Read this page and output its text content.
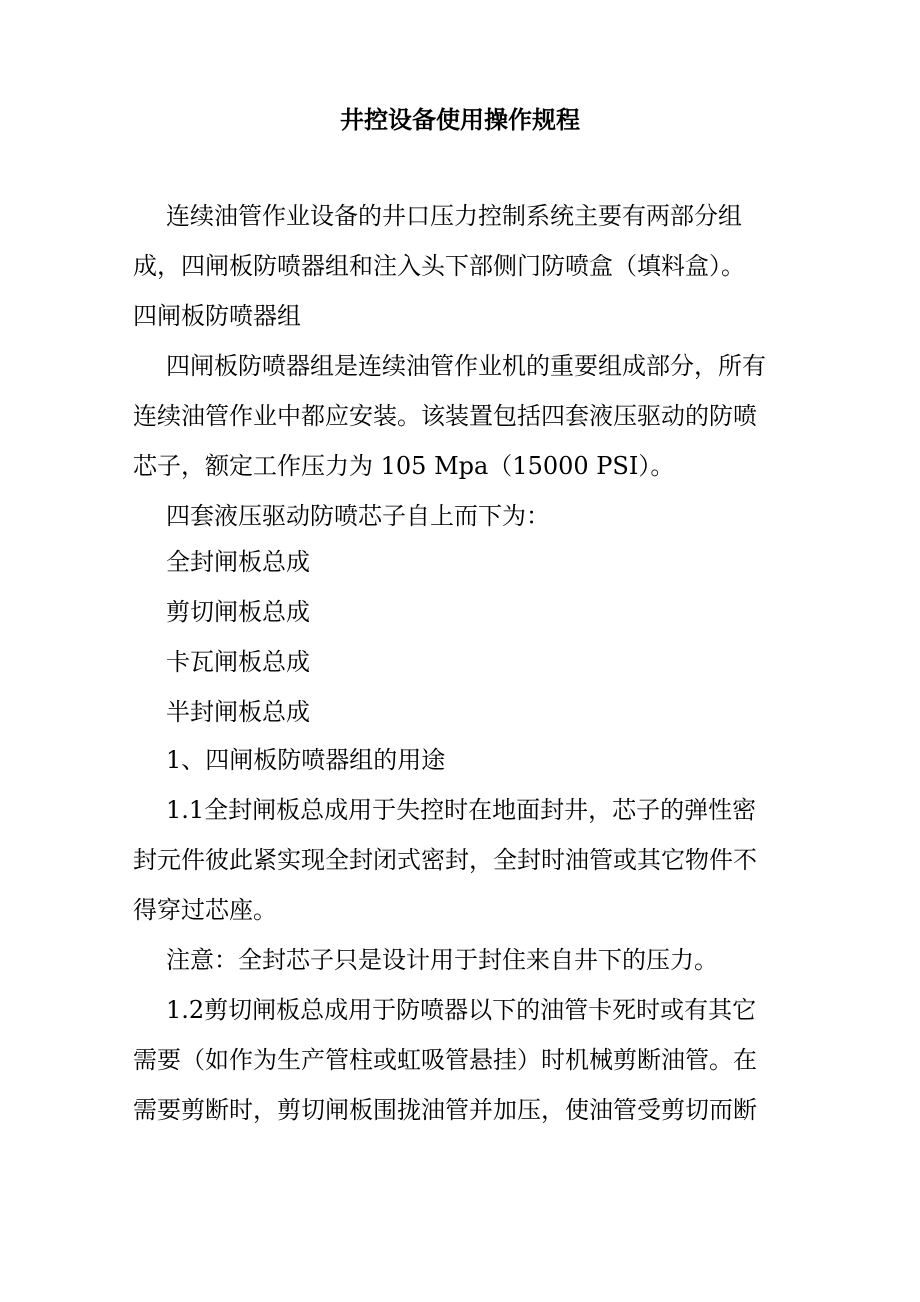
井控设备使用操作规程
连续油管作业设备的井口压力控制系统主要有两部分组
成，四闸板防喷器组和注入头下部侧门防喷盒（填料盒）。
四闸板防喷器组
四闸板防喷器组是连续油管作业机的重要组成部分，所有
连续油管作业中都应安装。该装置包括四套液压驱动的防喷
芯子，额定工作压力为 105 Mpa（15000 PSI）。
四套液压驱动防喷芯子自上而下为：
全封闸板总成
剪切闸板总成
卡瓦闸板总成
半封闸板总成
1、四闸板防喷器组的用途
1.1全封闸板总成用于失控时在地面封井，芯子的弹性密
封元件彼此紧实现全封闭式密封，全封时油管或其它物件不
得穿过芯座。
注意：全封芯子只是设计用于封住来自井下的压力。
1.2剪切闸板总成用于防喷器以下的油管卡死时或有其它
需要（如作为生产管柱或虹吸管悬挂）时机械剪断油管。在
需要剪断时，剪切闸板围拢油管并加压，使油管受剪切而断
